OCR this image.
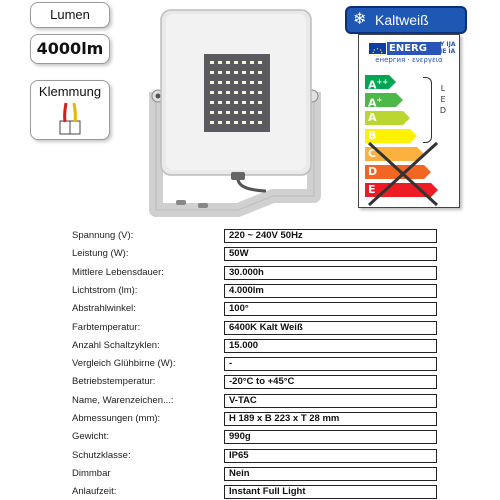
Lumen
4000lm
Klemmung
❄ Kaltweiß
ENERG	Y IJA
IE IA
енергия · ενεργεια
A++
A+
A
B
C
D
E
L
E
D
Spannung (V):	220 ~ 240V 50Hz
Leistung (W):	50W
Mittlere Lebensdauer:	30.000h
Lichtstrom (lm):	4.000lm
Abstrahlwinkel:	100°
Farbtemperatur:	6400K Kalt Weiß
Anzahl Schaltzyklen:	15.000
Vergleich Glühbirne (W):	-
Betriebstemperatur:	-20°C to +45°C
Name, Warenzeichen...:	V-TAC
Abmessungen (mm):	H 189 x B 223 x T 28 mm
Gewicht:	990g
Schutzklasse:	IP65
Dimmbar	Nein
Anlaufzeit:	Instant Full Light
